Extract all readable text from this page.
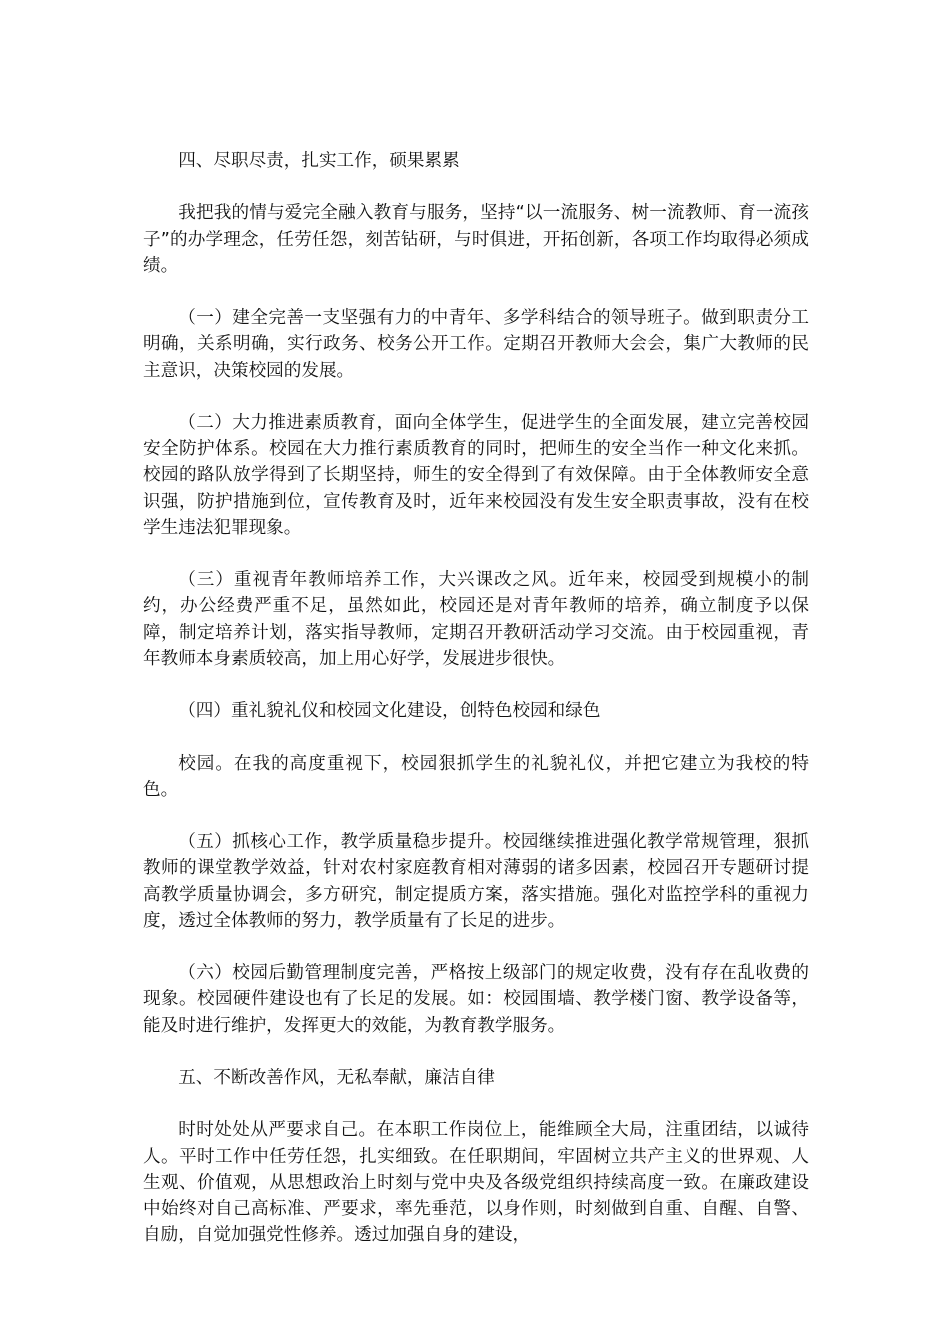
四、尽职尽责，扎实工作，硕果累累

我把我的情与爱完全融入教育与服务，坚持“以一流服务、树一流教师、育一流孩子”的办学理念，任劳任怨，刻苦钻研，与时俱进，开拓创新，各项工作均取得必须成绩。

（一）建全完善一支坚强有力的中青年、多学科结合的领导班子。做到职责分工明确，关系明确，实行政务、校务公开工作。定期召开教师大会会，集广大教师的民主意识，决策校园的发展。

（二）大力推进素质教育，面向全体学生，促进学生的全面发展，建立完善校园安全防护体系。校园在大力推行素质教育的同时，把师生的安全当作一种文化来抓。校园的路队放学得到了长期坚持，师生的安全得到了有效保障。由于全体教师安全意识强，防护措施到位，宣传教育及时，近年来校园没有发生安全职责事故，没有在校学生违法犯罪现象。

（三）重视青年教师培养工作，大兴课改之风。近年来，校园受到规模小的制约，办公经费严重不足，虽然如此，校园还是对青年教师的培养，确立制度予以保障，制定培养计划，落实指导教师，定期召开教研活动学习交流。由于校园重视，青年教师本身素质较高，加上用心好学，发展进步很快。

（四）重礼貌礼仪和校园文化建设，创特色校园和绿色

校园。在我的高度重视下，校园狠抓学生的礼貌礼仪，并把它建立为我校的特色。

（五）抓核心工作，教学质量稳步提升。校园继续推进强化教学常规管理，狠抓教师的课堂教学效益，针对农村家庭教育相对薄弱的诸多因素，校园召开专题研讨提高教学质量协调会，多方研究，制定提质方案，落实措施。强化对监控学科的重视力度，透过全体教师的努力，教学质量有了长足的进步。

（六）校园后勤管理制度完善，严格按上级部门的规定收费，没有存在乱收费的现象。校园硬件建设也有了长足的发展。如：校园围墙、教学楼门窗、教学设备等，能及时进行维护，发挥更大的效能，为教育教学服务。

五、不断改善作风，无私奉献，廉洁自律

时时处处从严要求自己。在本职工作岗位上，能维顾全大局，注重团结，以诚待人。平时工作中任劳任怨，扎实细致。在任职期间，牢固树立共产主义的世界观、人生观、价值观，从思想政治上时刻与党中央及各级党组织持续高度一致。在廉政建设中始终对自己高标准、严要求，率先垂范，以身作则，时刻做到自重、自醒、自警、自励，自觉加强党性修养。透过加强自身的建设，
